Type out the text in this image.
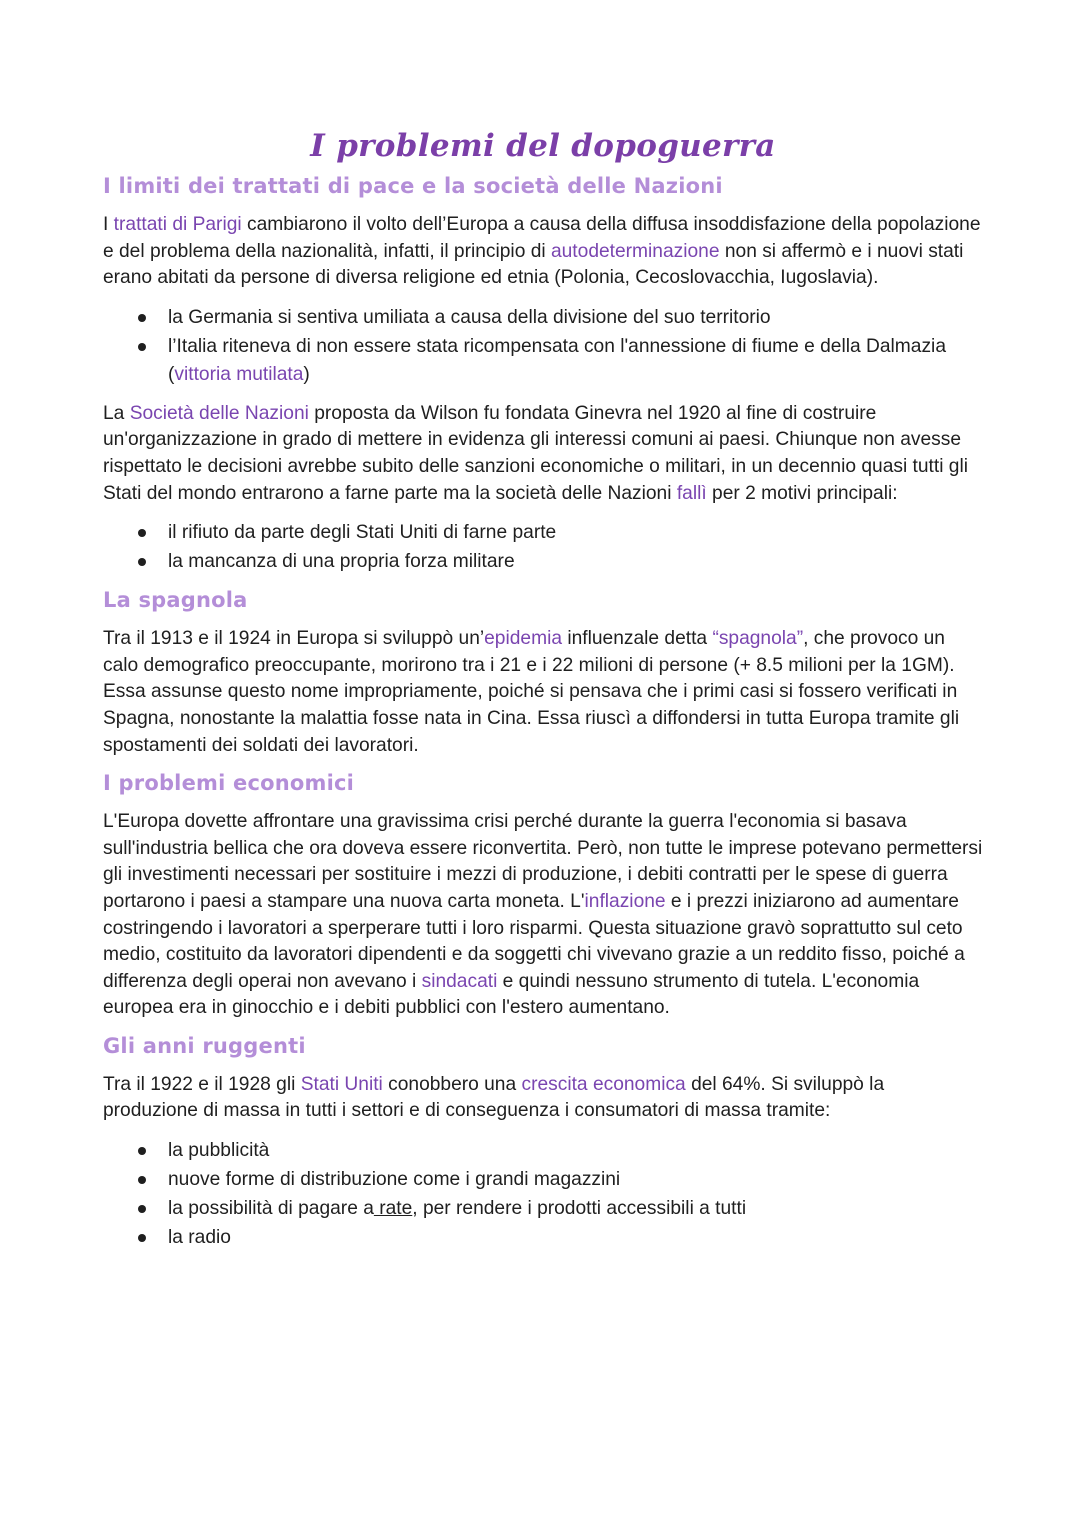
I problemi del dopoguerra
I limiti dei trattati di pace e la società delle Nazioni

I trattati di Parigi cambiarono il volto dell’Europa a causa della diffusa insoddisfazione della popolazione e del problema della nazionalità, infatti, il principio di autodeterminazione non si affermò e i nuovi stati erano abitati da persone di diversa religione ed etnia (Polonia, Cecoslovacchia, Iugoslavia).

la Germania si sentiva umiliata a causa della divisione del suo territorio
l’Italia riteneva di non essere stata ricompensata con l'annessione di fiume e della Dalmazia (vittoria mutilata)

La Società delle Nazioni proposta da Wilson fu fondata Ginevra nel 1920 al fine di costruire un'organizzazione in grado di mettere in evidenza gli interessi comuni ai paesi. Chiunque non avesse rispettato le decisioni avrebbe subito delle sanzioni economiche o militari, in un decennio quasi tutti gli Stati del mondo entrarono a farne parte ma la società delle Nazioni fallì per 2 motivi principali:

il rifiuto da parte degli Stati Uniti di farne parte
la mancanza di una propria forza militare
La spagnola

Tra il 1913 e il 1924 in Europa si sviluppò un’epidemia influenzale detta “spagnola”, che provoco un calo demografico preoccupante, morirono tra i 21 e i 22 milioni di persone (+ 8.5 milioni per la 1GM). Essa assunse questo nome impropriamente, poiché si pensava che i primi casi si fossero verificati in Spagna, nonostante la malattia fosse nata in Cina. Essa riuscì a diffondersi in tutta Europa tramite gli spostamenti dei soldati dei lavoratori.

I problemi economici

L'Europa dovette affrontare una gravissima crisi perché durante la guerra l'economia si basava sull'industria bellica che ora doveva essere riconvertita. Però, non tutte le imprese potevano permettersi gli investimenti necessari per sostituire i mezzi di produzione, i debiti contratti per le spese di guerra portarono i paesi a stampare una nuova carta moneta. L'inflazione e i prezzi iniziarono ad aumentare costringendo i lavoratori a sperperare tutti i loro risparmi. Questa situazione gravò soprattutto sul ceto medio, costituito da lavoratori dipendenti e da soggetti chi vivevano grazie a un reddito fisso, poiché a differenza degli operai non avevano i sindacati e quindi nessuno strumento di tutela. L'economia europea era in ginocchio e i debiti pubblici con l'estero aumentano.

Gli anni ruggenti

Tra il 1922 e il 1928 gli Stati Uniti conobbero una crescita economica del 64%. Si sviluppò la produzione di massa in tutti i settori e di conseguenza i consumatori di massa tramite:

la pubblicità
nuove forme di distribuzione come i grandi magazzini
la possibilità di pagare a rate, per rendere i prodotti accessibili a tutti
la radio
